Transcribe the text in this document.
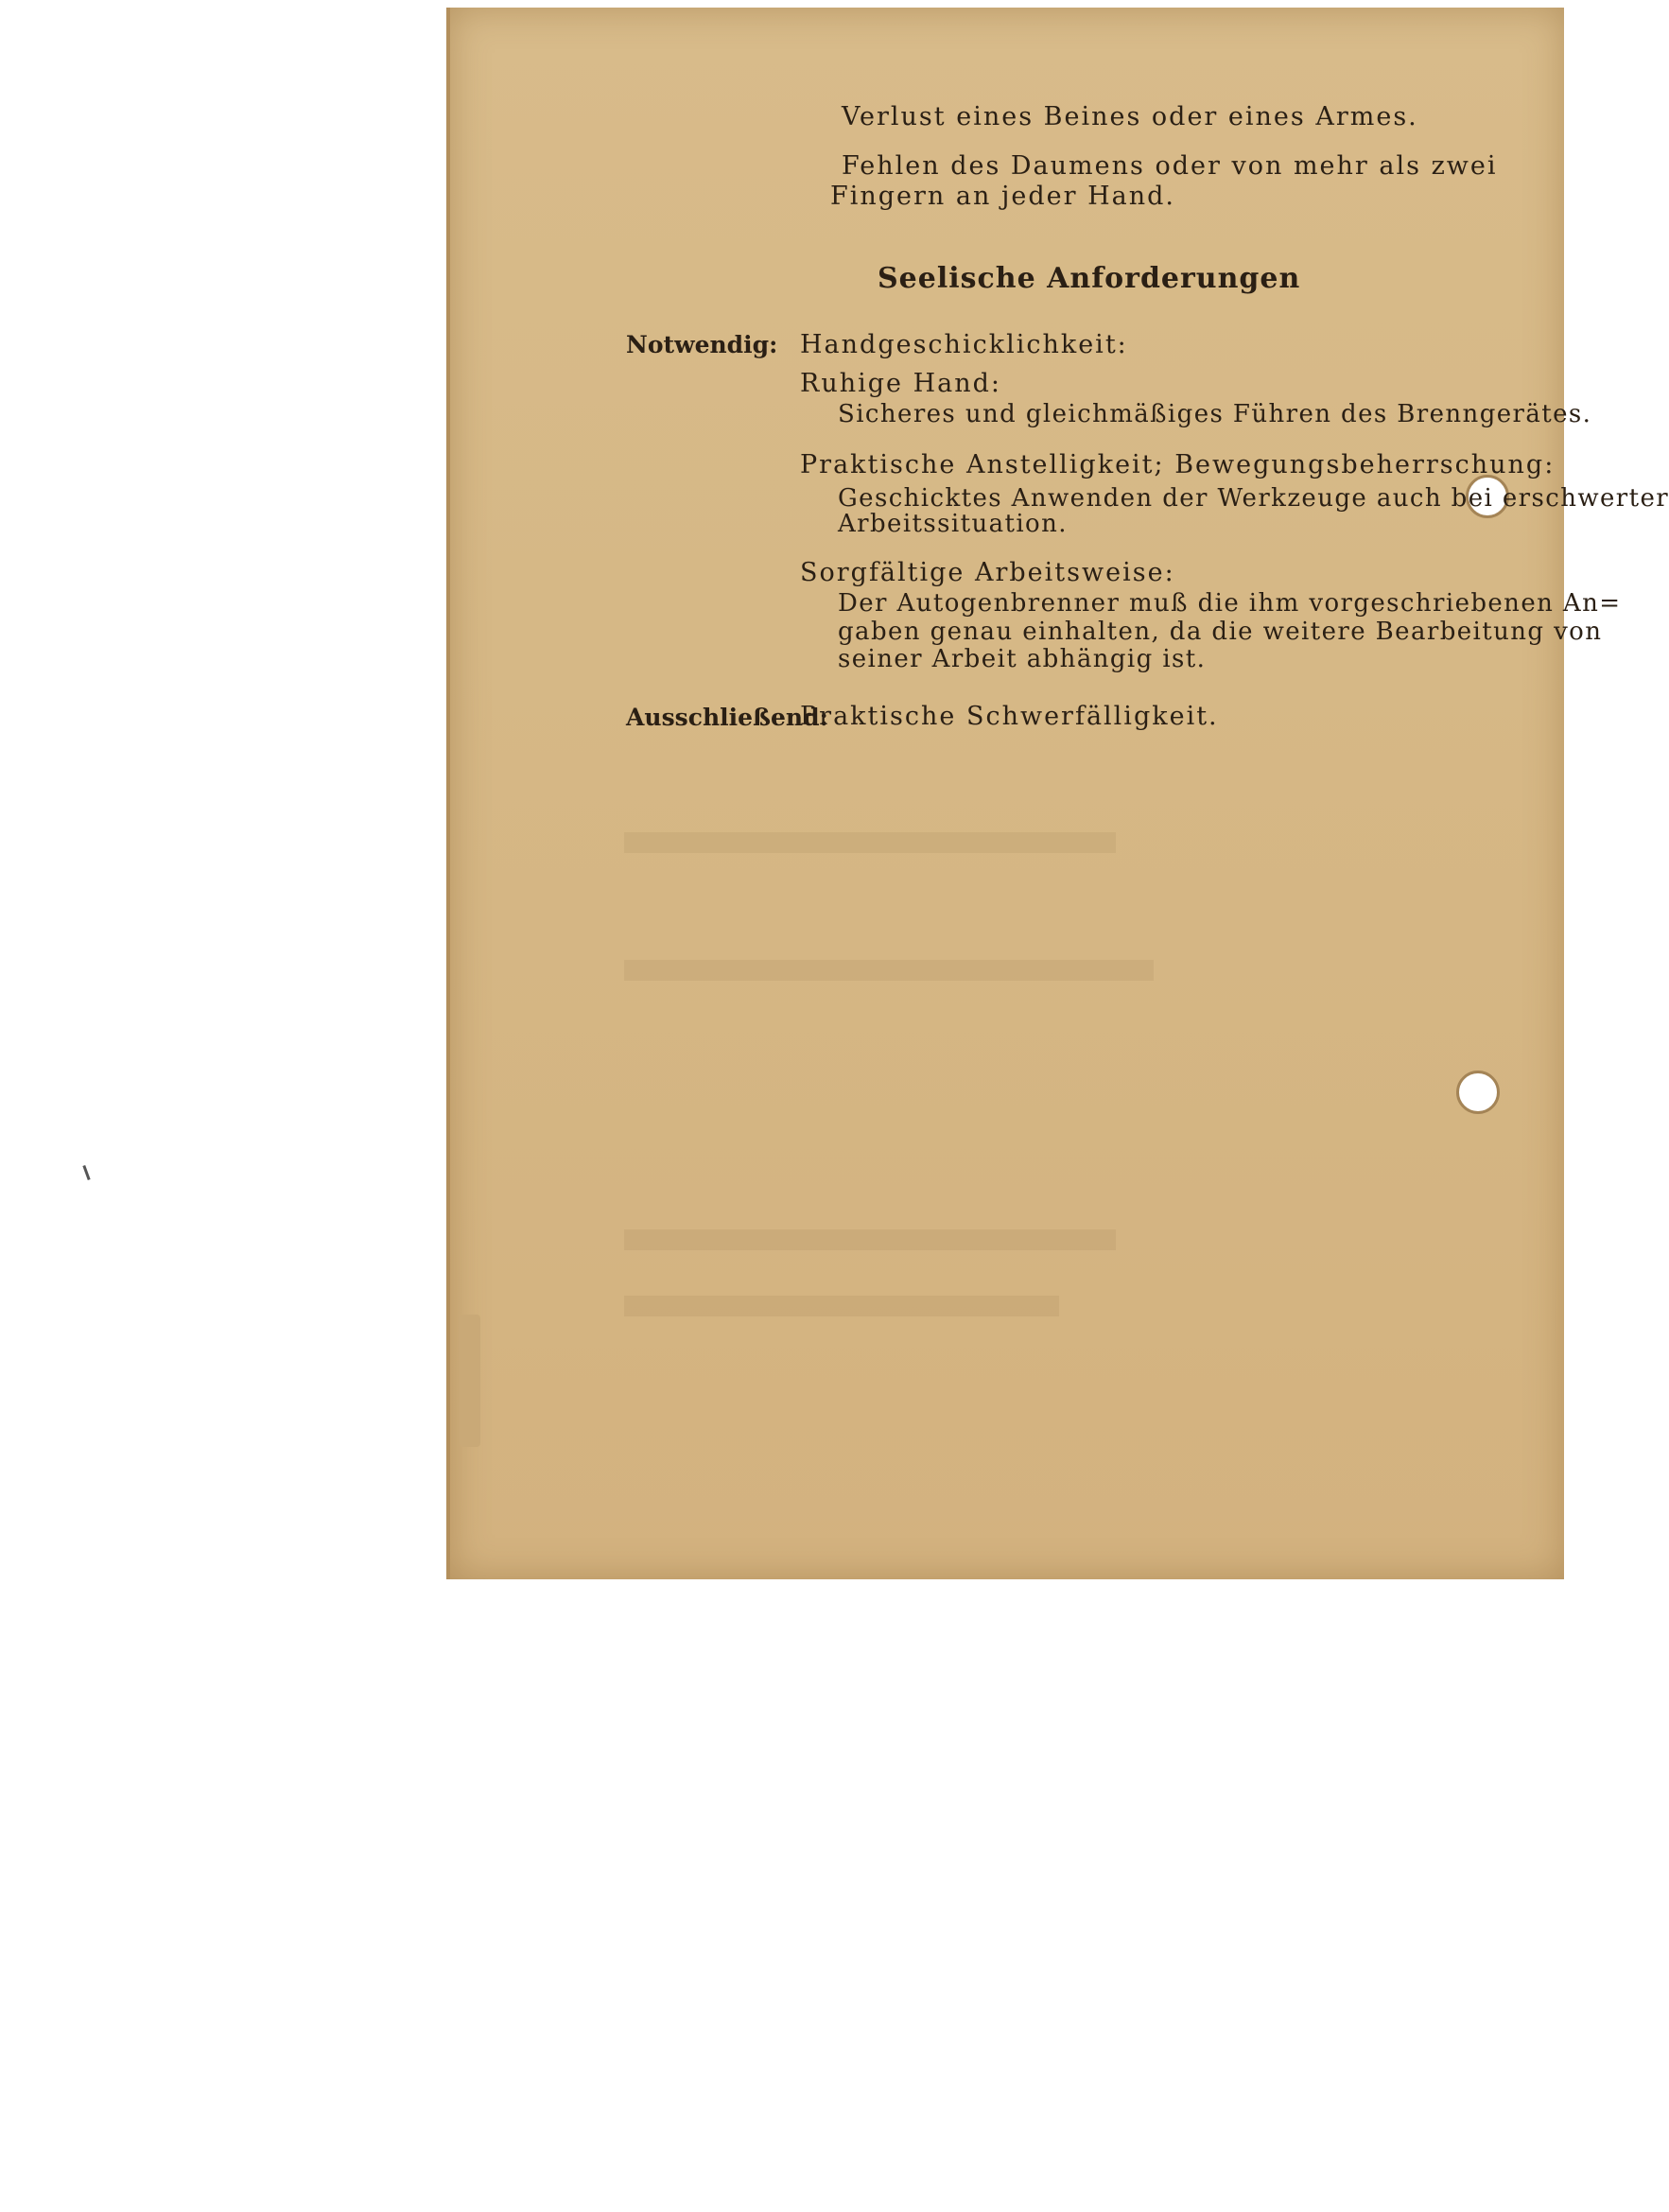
Verlust eines Beines oder eines Armes.
Fehlen des Daumens oder von mehr als zwei
Fingern an jeder Hand.
Seelische Anforderungen
Notwendig: Handgeschicklichkeit:
Ruhige Hand:
Sicheres und gleichmäßiges Führen des Brenngerätes.
Praktische Anstelligkeit; Bewegungsbeherrschung:
Geschicktes Anwenden der Werkzeuge auch bei erschwerter
Arbeitssituation.
Sorgfältige Arbeitsweise:
Der Autogenbrenner muß die ihm vorgeschriebenen An=
gaben genau einhalten, da die weitere Bearbeitung von
seiner Arbeit abhängig ist.
Ausschließend:
Praktische Schwerfälligkeit.
